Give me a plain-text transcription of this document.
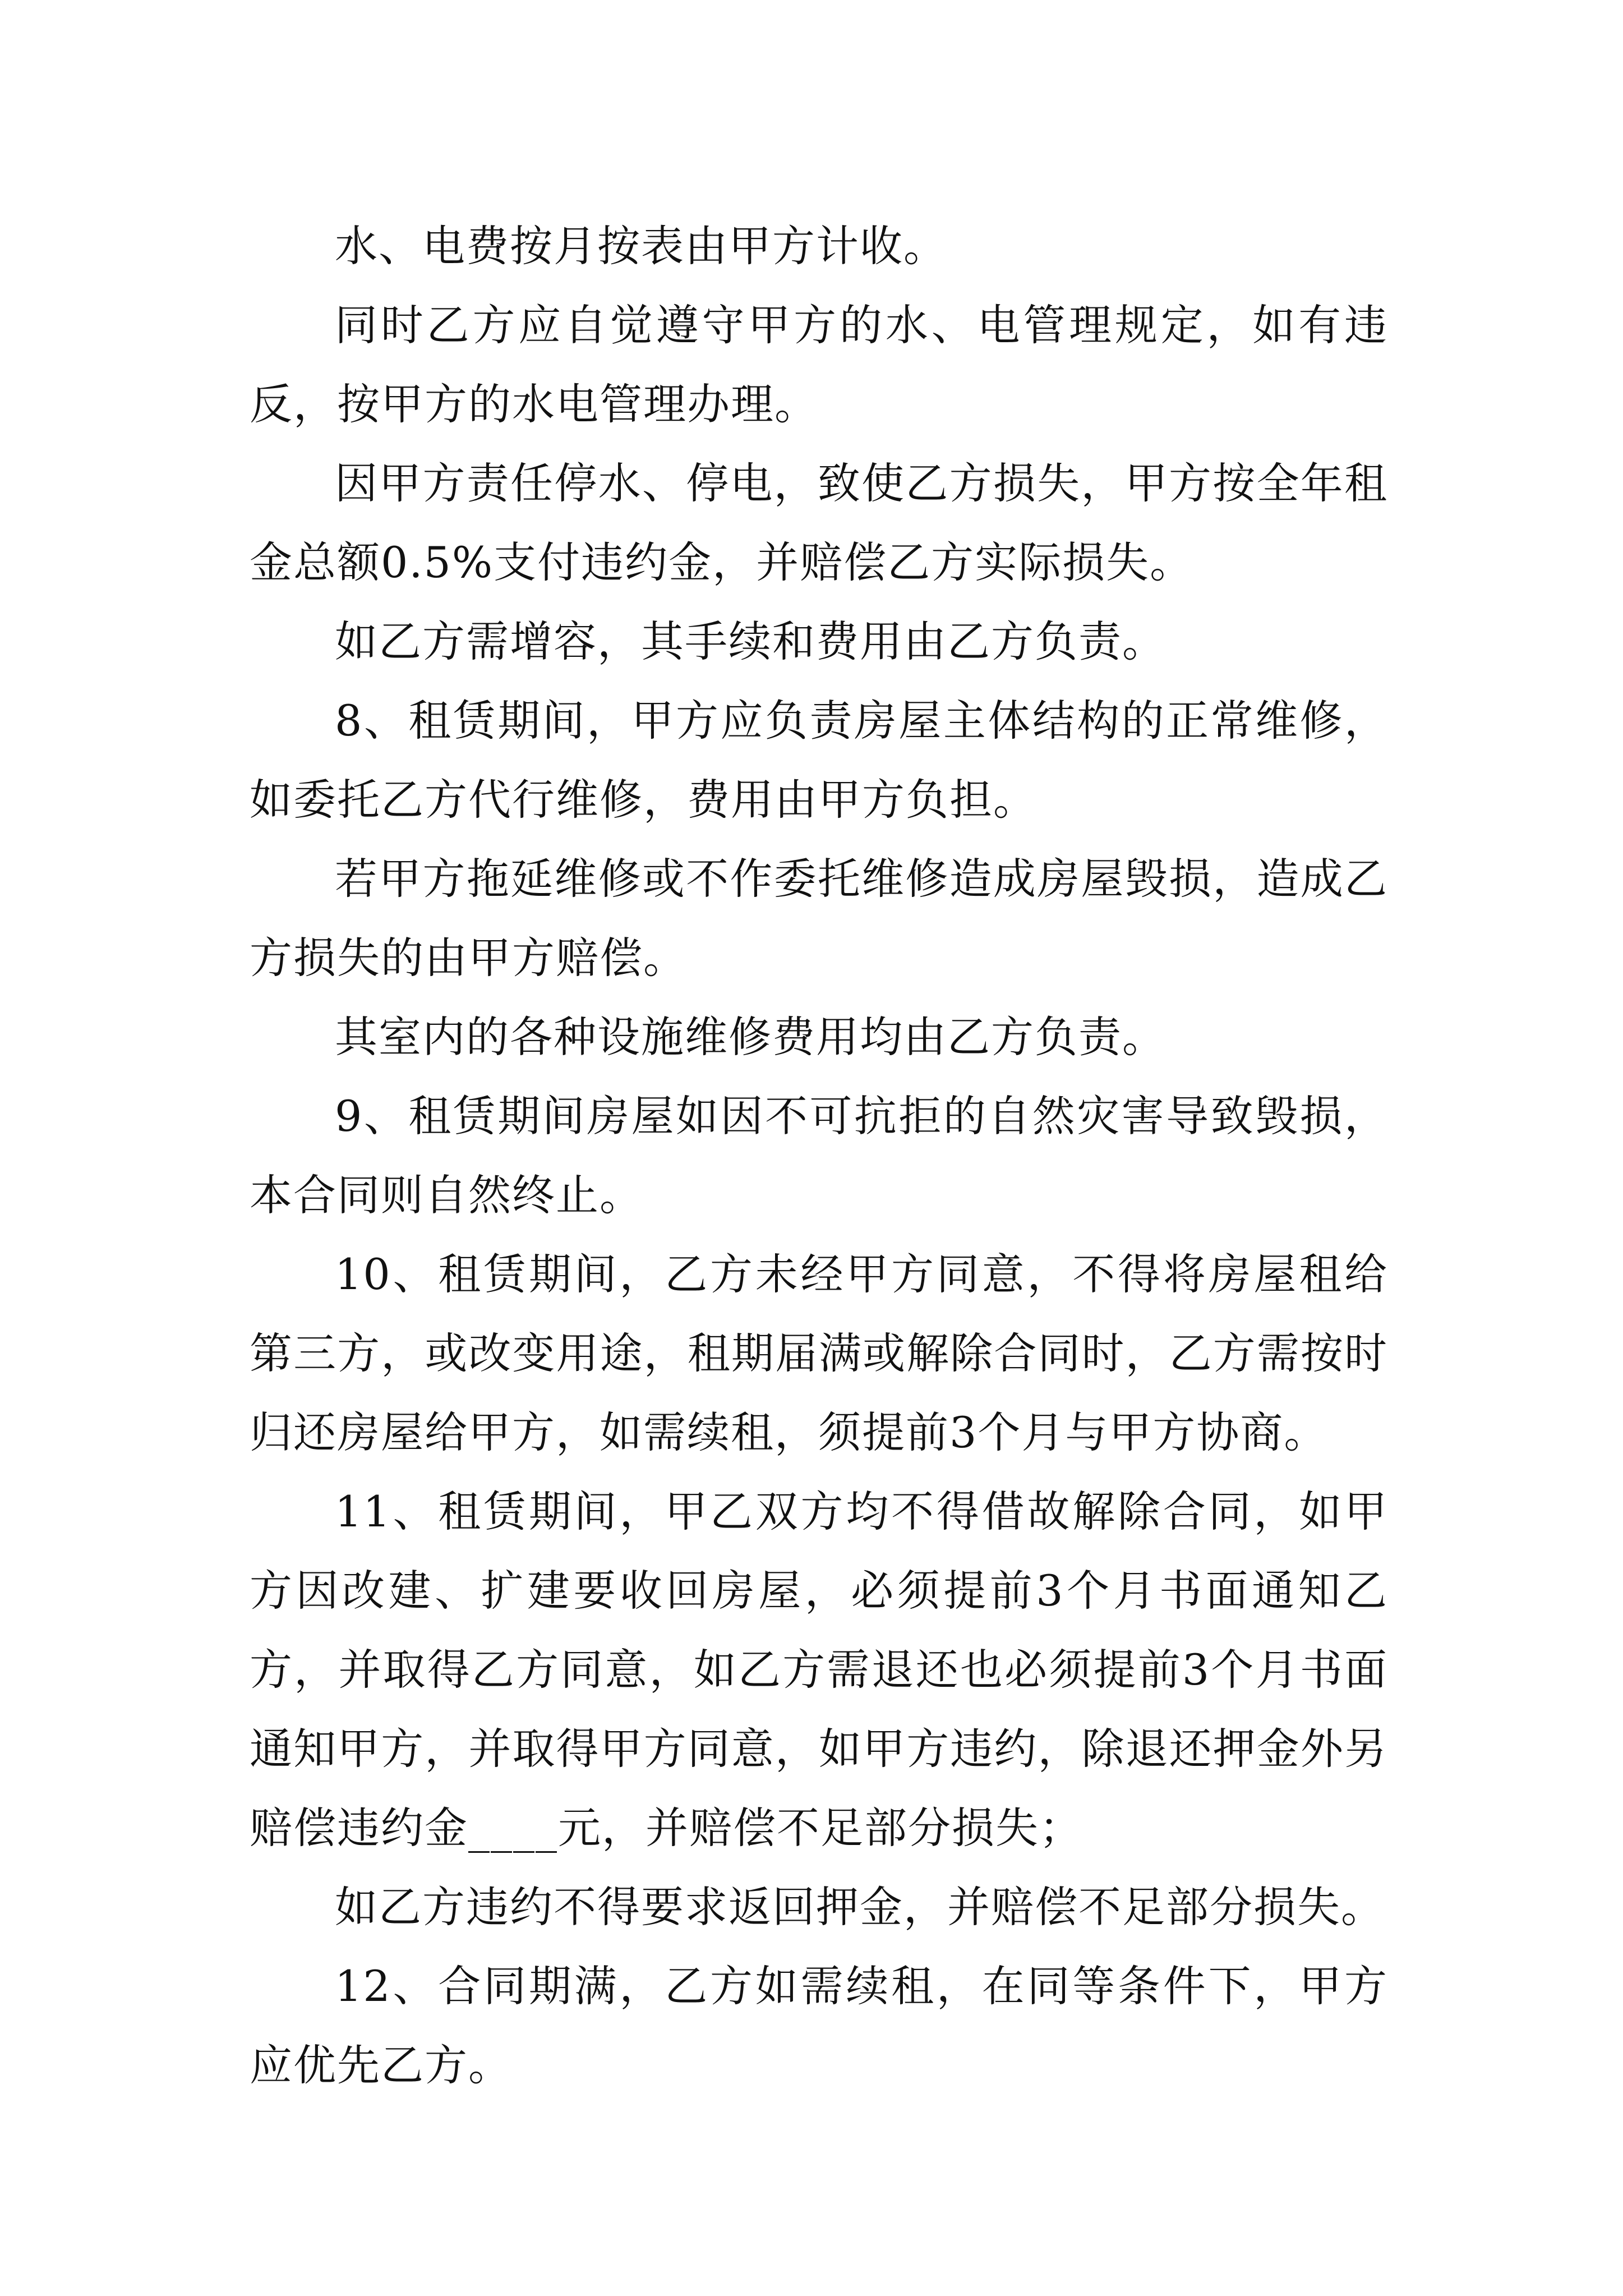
水、电费按月按表由甲方计收。

同时乙方应自觉遵守甲方的水、电管理规定，如有违反，按甲方的水电管理办理。

因甲方责任停水、停电，致使乙方损失，甲方按全年租金总额0.5%支付违约金，并赔偿乙方实际损失。

如乙方需增容，其手续和费用由乙方负责。

8、租赁期间，甲方应负责房屋主体结构的正常维修，如委托乙方代行维修，费用由甲方负担。

若甲方拖延维修或不作委托维修造成房屋毁损，造成乙方损失的由甲方赔偿。

其室内的各种设施维修费用均由乙方负责。

9、租赁期间房屋如因不可抗拒的自然灾害导致毁损，本合同则自然终止。

10、租赁期间，乙方未经甲方同意，不得将房屋租给第三方，或改变用途，租期届满或解除合同时，乙方需按时归还房屋给甲方，如需续租，须提前3个月与甲方协商。

11、租赁期间，甲乙双方均不得借故解除合同，如甲方因改建、扩建要收回房屋，必须提前3个月书面通知乙方，并取得乙方同意，如乙方需退还也必须提前3个月书面通知甲方，并取得甲方同意，如甲方违约，除退还押金外另赔偿违约金____元，并赔偿不足部分损失；

如乙方违约不得要求返回押金，并赔偿不足部分损失。

12、合同期满，乙方如需续租，在同等条件下，甲方应优先乙方。
